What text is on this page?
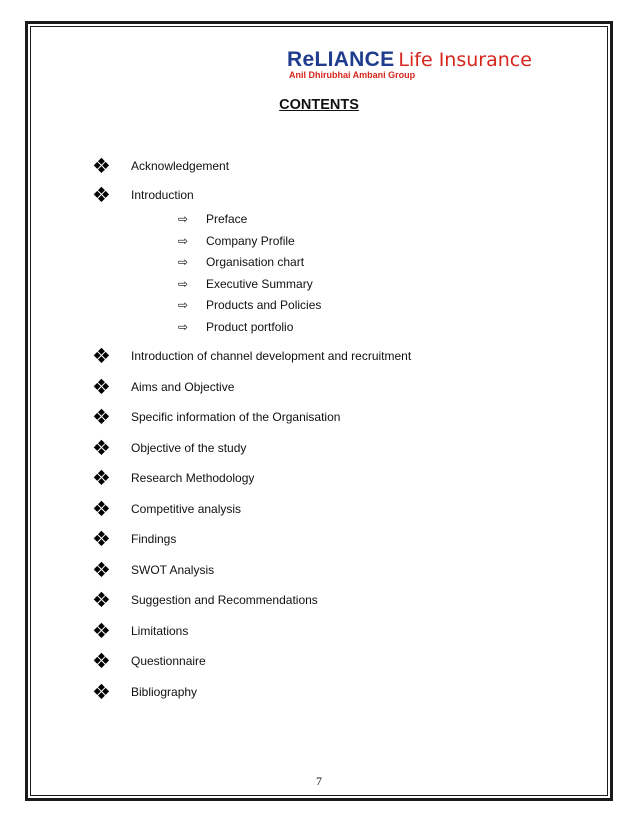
ReLIANCE Life Insurance
Anil Dhirubhai Ambani Group
CONTENTS
❖ Acknowledgement
❖ Introduction
⇨ Preface
⇨ Company Profile
⇨ Organisation chart
⇨ Executive Summary
⇨ Products and Policies
⇨ Product portfolio
❖ Introduction of channel development and recruitment
❖ Aims and Objective
❖ Specific information of the Organisation
❖ Objective of the study
❖ Research Methodology
❖ Competitive analysis
❖ Findings
❖ SWOT Analysis
❖ Suggestion and Recommendations
❖ Limitations
❖ Questionnaire
❖ Bibliography
7
